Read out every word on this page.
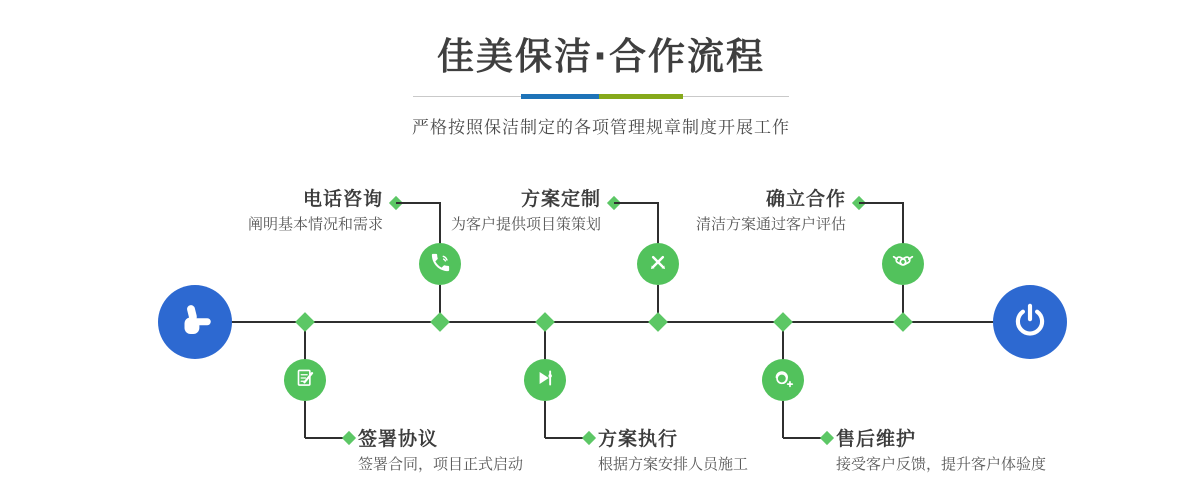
佳美保洁·合作流程
严格按照保洁制定的各项管理规章制度开展工作
签署协议
签署合同，项目正式启动
电话咨询
阐明基本情况和需求
方案执行
根据方案安排人员施工
方案定制
为客户提供项目策策划
售后维护
接受客户反馈，提升客户体验度
确立合作
清洁方案通过客户评估
